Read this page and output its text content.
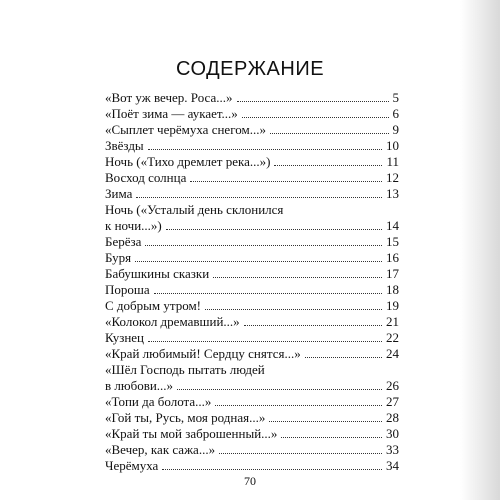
СОДЕРЖАНИЕ
«Вот уж вечер. Роса...»	5
«Поёт зима — аукает...»	6
«Сыплет черёмуха снегом...»	9
Звёзды	10
Ночь («Тихо дремлет река...»)	11
Восход солнца	12
Зима	13
Ночь («Усталый день склонился
к ночи...»)	14
Берёза	15
Буря	16
Бабушкины сказки	17
Пороша	18
С добрым утром!	19
«Колокол дремавший...»	21
Кузнец	22
«Край любимый! Сердцу снятся...»	24
«Шёл Господь пытать людей
в любови...»	26
«Топи да болота...»	27
«Гой ты, Русь, моя родная...»	28
«Край ты мой заброшенный...»	30
«Вечер, как сажа...»	33
Черёмуха	34
70
